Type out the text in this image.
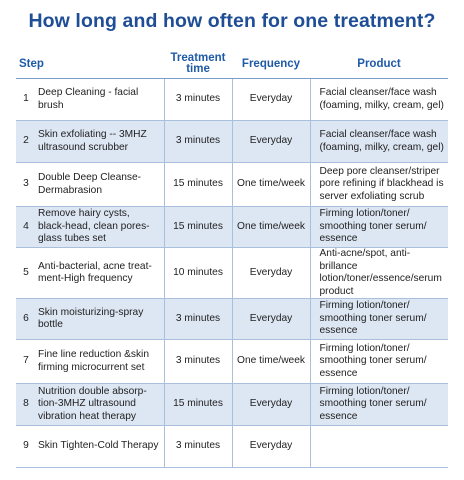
How long and how often for one treatment?
Step		Treatment time	Frequency	Product
1	Deep Cleaning - facial brush	3 minutes	Everyday	Facial cleanser/face wash (foaming, milky, cream, gel)
2	Skin exfoliating -- 3MHZ ultrasound scrubber	3 minutes	Everyday	Facial cleanser/face wash (foaming, milky, cream, gel)
3	Double Deep Cleanse-Dermabrasion	15 minutes	One time/week	Deep pore cleanser/striper pore refining if blackhead is server exfoliating scrub
4	Remove hairy cysts, black-head, clean pores-glass tubes set	15 minutes	One time/week	Firming lotion/toner/ smoothing toner serum/ essence
5	Anti-bacterial, acne treat-ment-High frequency	10 minutes	Everyday	Anti-acne/spot, anti-brillance lotion/toner/essence/serum product
6	Skin moisturizing-spray bottle	3 minutes	Everyday	Firming lotion/toner/ smoothing toner serum/ essence
7	Fine line reduction &skin firming microcurrent set	3 minutes	One time/week	Firming lotion/toner/ smoothing toner serum/ essence
8	Nutrition double absorp-tion-3MHZ ultrasound vibration heat therapy	15 minutes	Everyday	Firming lotion/toner/ smoothing toner serum/ essence
9	Skin Tighten-Cold Therapy	3 minutes	Everyday	
